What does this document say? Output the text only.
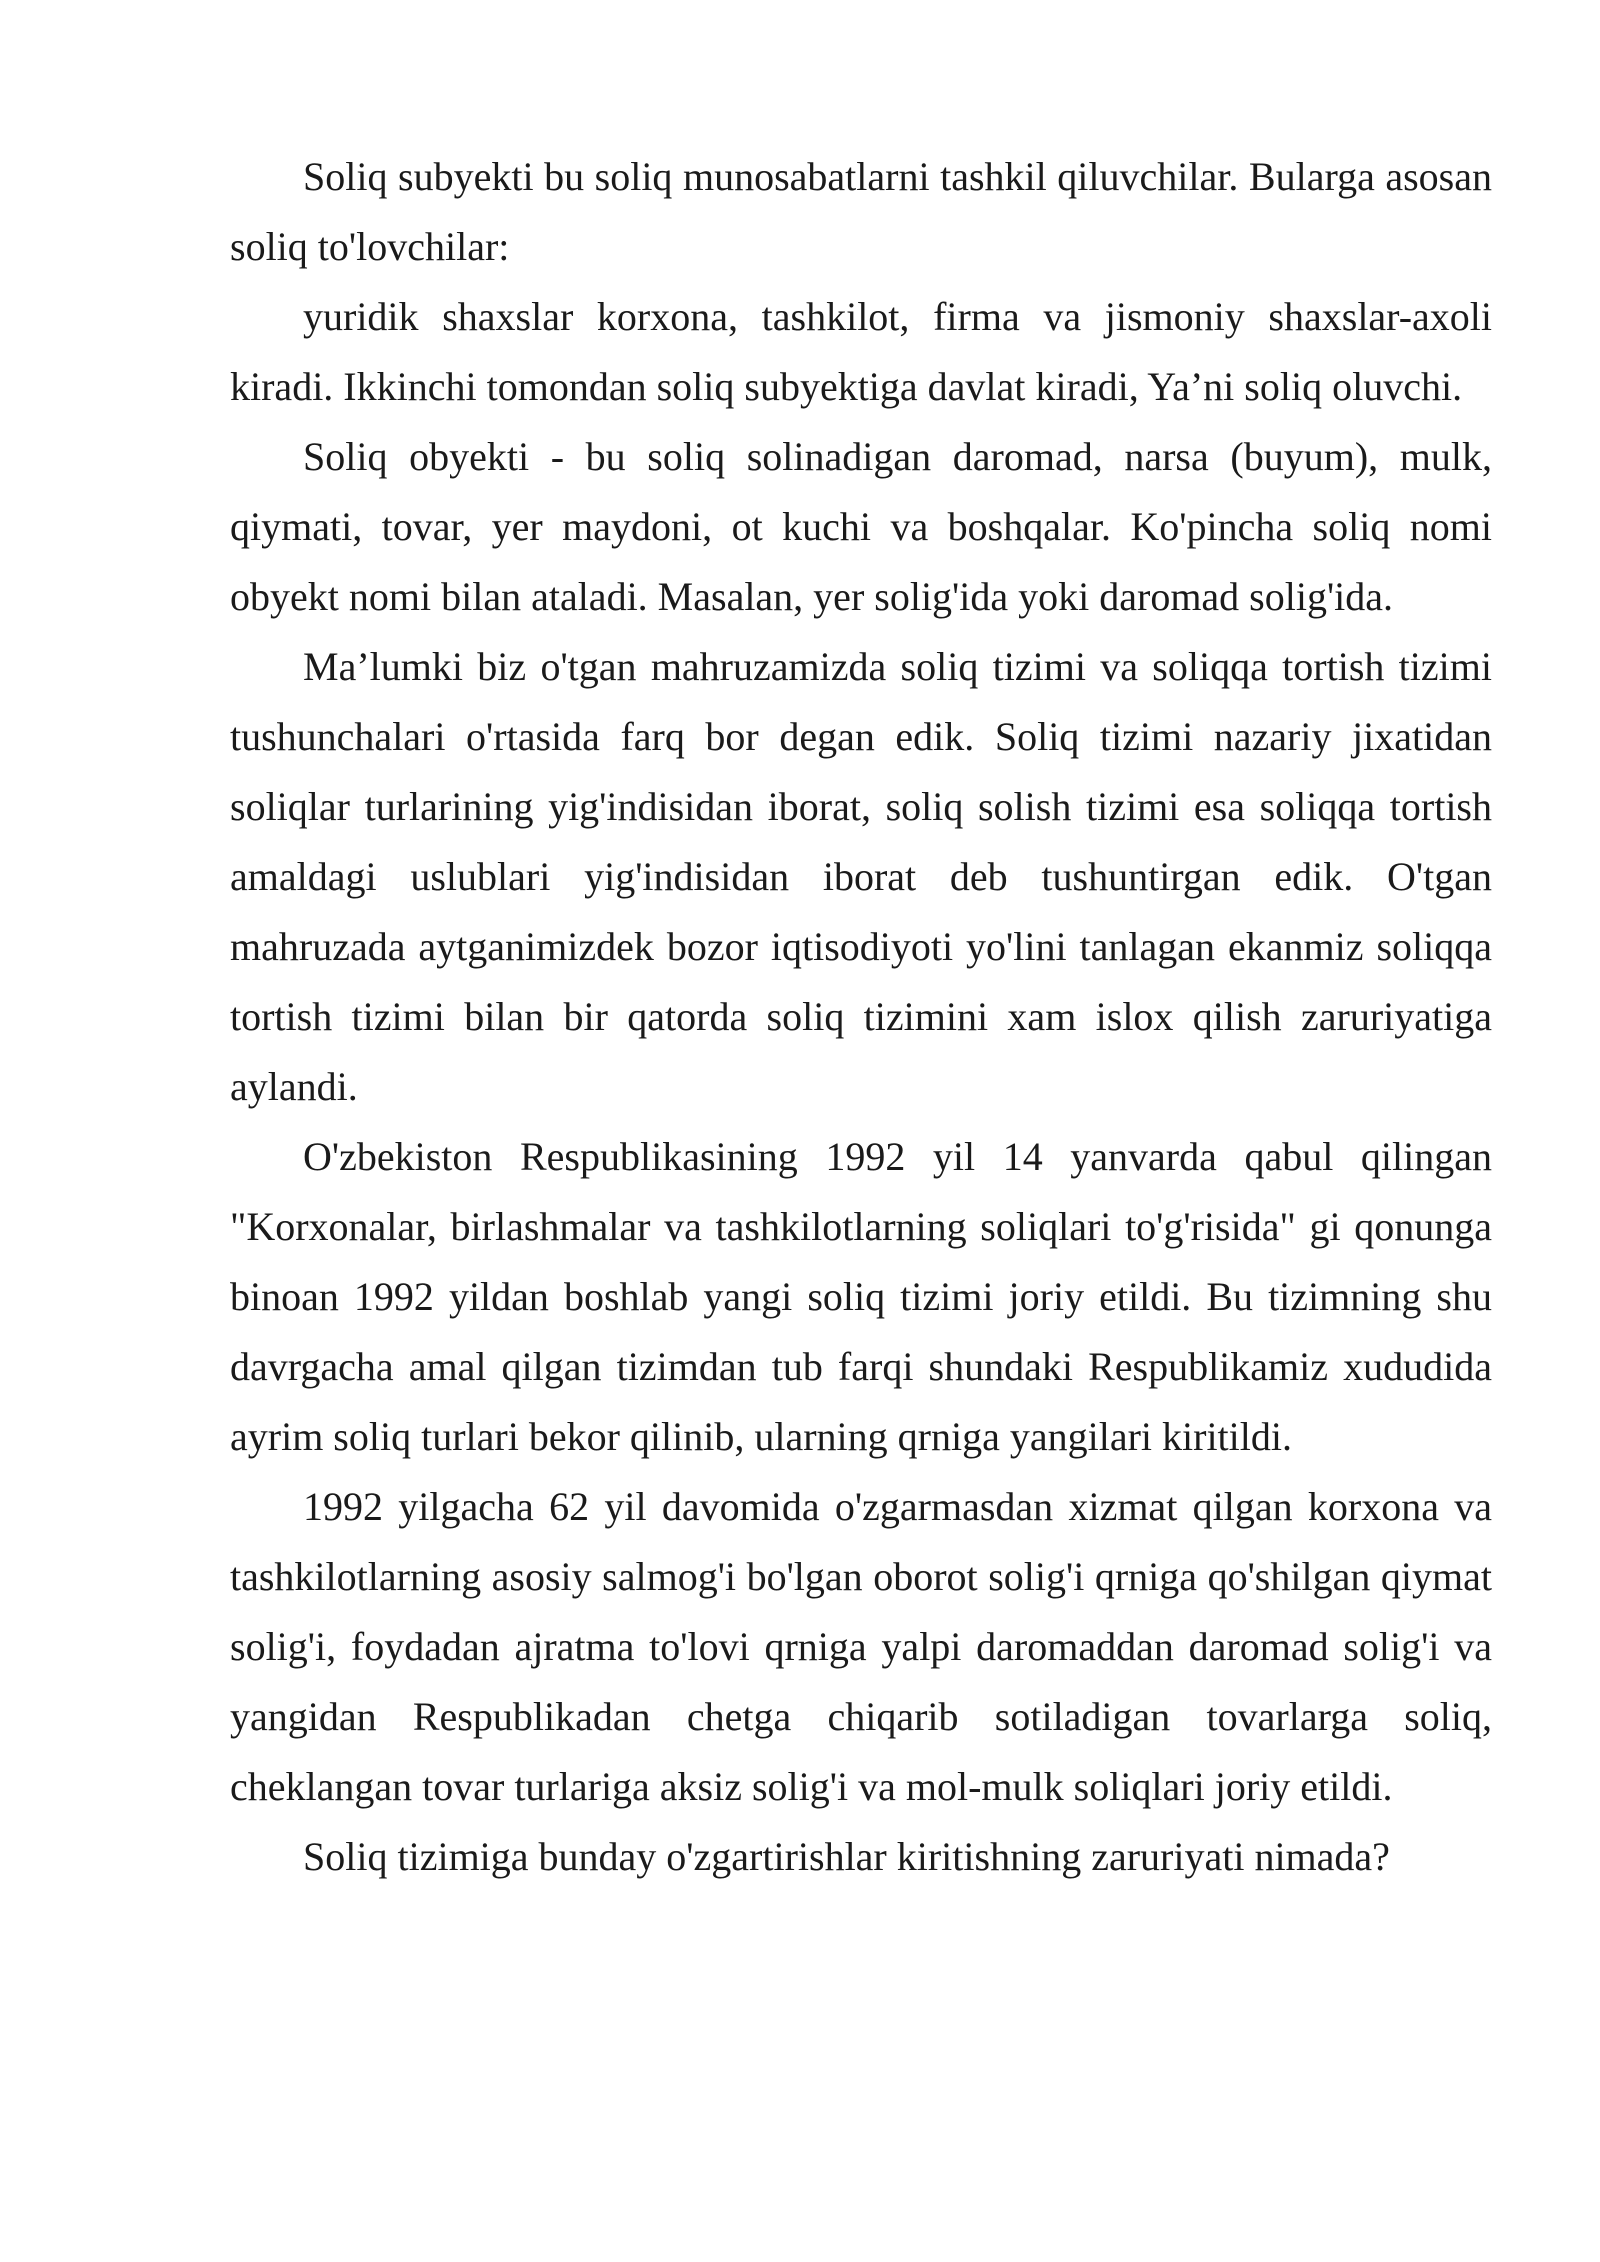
Soliq subyekti bu soliq munosabatlarni tashkil qiluvchilar. Bularga asosan soliq to'lovchilar:

yuridik shaxslar korxona, tashkilot, firma va jismoniy shaxslar-axoli kiradi. Ikkinchi tomondan soliq subyektiga davlat kiradi, Ya’ni soliq oluvchi.

Soliq obyekti - bu soliq solinadigan daromad, narsa (buyum), mulk, qiymati, tovar, yer maydoni, ot kuchi va boshqalar. Ko'pincha soliq nomi obyekt nomi bilan ataladi. Masalan, yer solig'ida yoki daromad solig'ida.

Ma’lumki biz o'tgan mahruzamizda soliq tizimi va soliqqa tortish tizimi tushunchalari o'rtasida farq bor degan edik. Soliq tizimi nazariy jixatidan soliqlar turlarining yig'indisidan iborat, soliq solish tizimi esa soliqqa tortish amaldagi uslublari yig'indisidan iborat deb tushuntirgan edik. O'tgan mahruzada aytganimizdek bozor iqtisodiyoti yo'lini tanlagan ekanmiz soliqqa tortish tizimi bilan bir qatorda soliq tizimini xam islox qilish zaruriyatiga aylandi.

O'zbekiston Respublikasining 1992 yil 14 yanvarda qabul qilingan "Korxonalar, birlashmalar va tashkilotlarning soliqlari to'g'risida" gi qonunga binoan 1992 yildan boshlab yangi soliq tizimi joriy etildi. Bu tizimning shu davrgacha amal qilgan tizimdan tub farqi shundaki Respublikamiz xududida ayrim soliq turlari bekor qilinib, ularning qrniga yangilari kiritildi.

1992 yilgacha 62 yil davomida o'zgarmasdan xizmat qilgan korxona va tashkilotlarning asosiy salmog'i bo'lgan oborot solig'i qrniga qo'shilgan qiymat solig'i, foydadan ajratma to'lovi qrniga yalpi daromaddan daromad solig'i va yangidan Respublikadan chetga chiqarib sotiladigan tovarlarga soliq, cheklangan tovar turlariga aksiz solig'i va mol-mulk soliqlari joriy etildi.

Soliq tizimiga bunday o'zgartirishlar kiritishning zaruriyati nimada?
